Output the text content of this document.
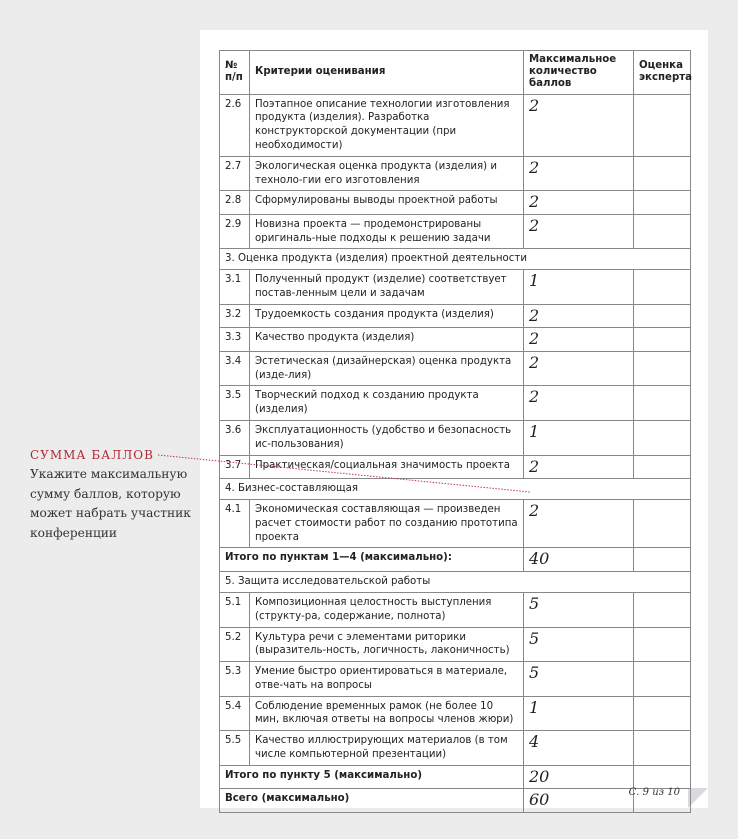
№ п/п	Критерии оценивания	Максимальное количество баллов	Оценка эксперта
2.6	Поэтапное описание технологии изготовления продукта (изделия). Разработка конструкторской документации (при необходимости)	2	
2.7	Экологическая оценка продукта (изделия) и техноло-гии его изготовления	2	
2.8	Сформулированы выводы проектной работы	2	
2.9	Новизна проекта — продемонстрированы оригиналь-ные подходы к решению задачи	2	
3. Оценка продукта (изделия) проектной деятельности			
3.1	Полученный продукт (изделие) соответствует постав-ленным цели и задачам	1	
3.2	Трудоемкость создания продукта (изделия)	2	
3.3	Качество продукта (изделия)	2	
3.4	Эстетическая (дизайнерская) оценка продукта (изде-лия)	2	
3.5	Творческий подход к созданию продукта (изделия)	2	
3.6	Эксплуатационность (удобство и безопасность ис-пользования)	1	
3.7	Практическая/социальная значимость проекта	2	
4. Бизнес-составляющая			
4.1	Экономическая составляющая — произведен расчет стоимости работ по созданию прототипа проекта	2	
Итого по пунктам 1—4 (максимально):		40	
5. Защита исследовательской работы			
5.1	Композиционная целостность выступления (структу-ра, содержание, полнота)	5	
5.2	Культура речи с элементами риторики (выразитель-ность, логичность, лаконичность)	5	
5.3	Умение быстро ориентироваться в материале, отве-чать на вопросы	5	
5.4	Соблюдение временных рамок (не более 10 мин, включая ответы на вопросы членов жюри)	1	
5.5	Качество иллюстрирующих материалов (в том числе компьютерной презентации)	4	
Итого по пункту 5 (максимально)		20	
Всего (максимально)		60	
СУММА БАЛЛОВ
Укажите максимальную сумму баллов, которую может набрать участник конференции
С. 9 из 10
